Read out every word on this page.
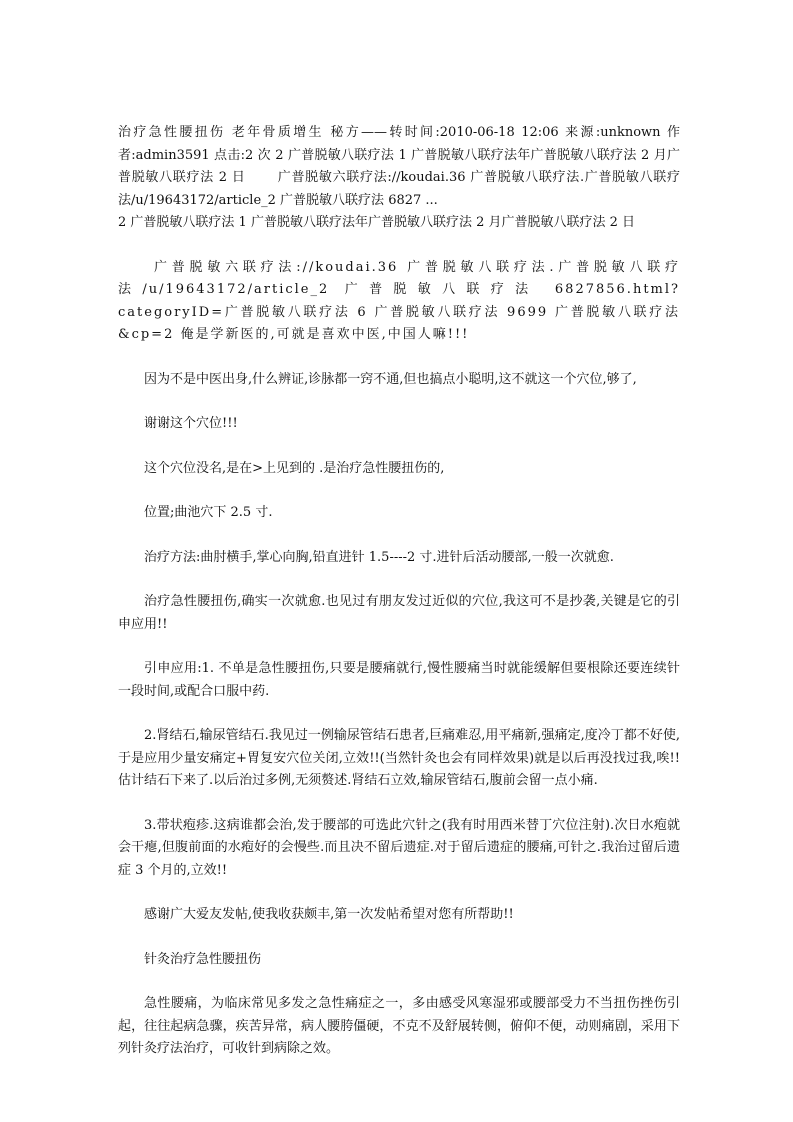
治疗急性腰扭伤 老年骨质增生 秘方——转时间:2010-06-18 12:06 来源:unknown 作者:admin3591 点击:2 次 2 广普脱敏八联疗法 1 广普脱敏八联疗法年广普脱敏八联疗法 2 月广普脱敏八联疗法 2 日 　　广普脱敏六联疗法://koudai.36 广普脱敏八联疗法.广普脱敏八联疗法/u/19643172/article_2 广普脱敏八联疗法 6827 ...

2 广普脱敏八联疗法 1 广普脱敏八联疗法年广普脱敏八联疗法 2 月广普脱敏八联疗法 2 日

广普脱敏六联疗法://koudai.36 广普脱敏八联疗法.广普脱敏八联疗法/u/19643172/article_2 广普脱敏八联疗法 6827856.html?categoryID=广普脱敏八联疗法 6 广普脱敏八联疗法 9699 广普脱敏八联疗法&cp=2 俺是学新医的,可就是喜欢中医,中国人嘛!!!

因为不是中医出身,什么辨证,诊脉都一窍不通,但也搞点小聪明,这不就这一个穴位,够了,

谢谢这个穴位!!!

这个穴位没名,是在>上见到的 .是治疗急性腰扭伤的,

位置;曲池穴下 2.5 寸.

治疗方法:曲肘横手,掌心向胸,铅直进针 1.5----2 寸.进针后活动腰部,一般一次就愈.

治疗急性腰扭伤,确实一次就愈.也见过有朋友发过近似的穴位,我这可不是抄袭,关键是它的引申应用!!

引申应用:1. 不单是急性腰扭伤,只要是腰痛就行,慢性腰痛当时就能缓解但要根除还要连续针一段时间,或配合口服中药.

2.肾结石,输尿管结石.我见过一例输尿管结石患者,巨痛难忍,用平痛新,强痛定,度冷丁都不好使,于是应用少量安痛定+胃复安穴位关闭,立效!!(当然针灸也会有同样效果)就是以后再没找过我,唉!!估计结石下来了.以后治过多例,无须赘述.肾结石立效,输尿管结石,腹前会留一点小痛.

3.带状疱疹.这病谁都会治,发于腰部的可选此穴针之(我有时用西米替丁穴位注射).次日水疱就会干瘪,但腹前面的水疱好的会慢些.而且决不留后遗症.对于留后遗症的腰痛,可针之.我治过留后遗症 3 个月的,立效!!

感谢广大爱友发帖,使我收获颇丰,第一次发帖希望对您有所帮助!!

针灸治疗急性腰扭伤

急性腰痛，为临床常见多发之急性痛症之一，多由感受风寒湿邪或腰部受力不当扭伤挫伤引起，往往起病急骤，疾苦异常，病人腰胯僵硬，不克不及舒展转侧，俯仰不便，动则痛剧，采用下列针灸疗法治疗，可收针到病除之效。
